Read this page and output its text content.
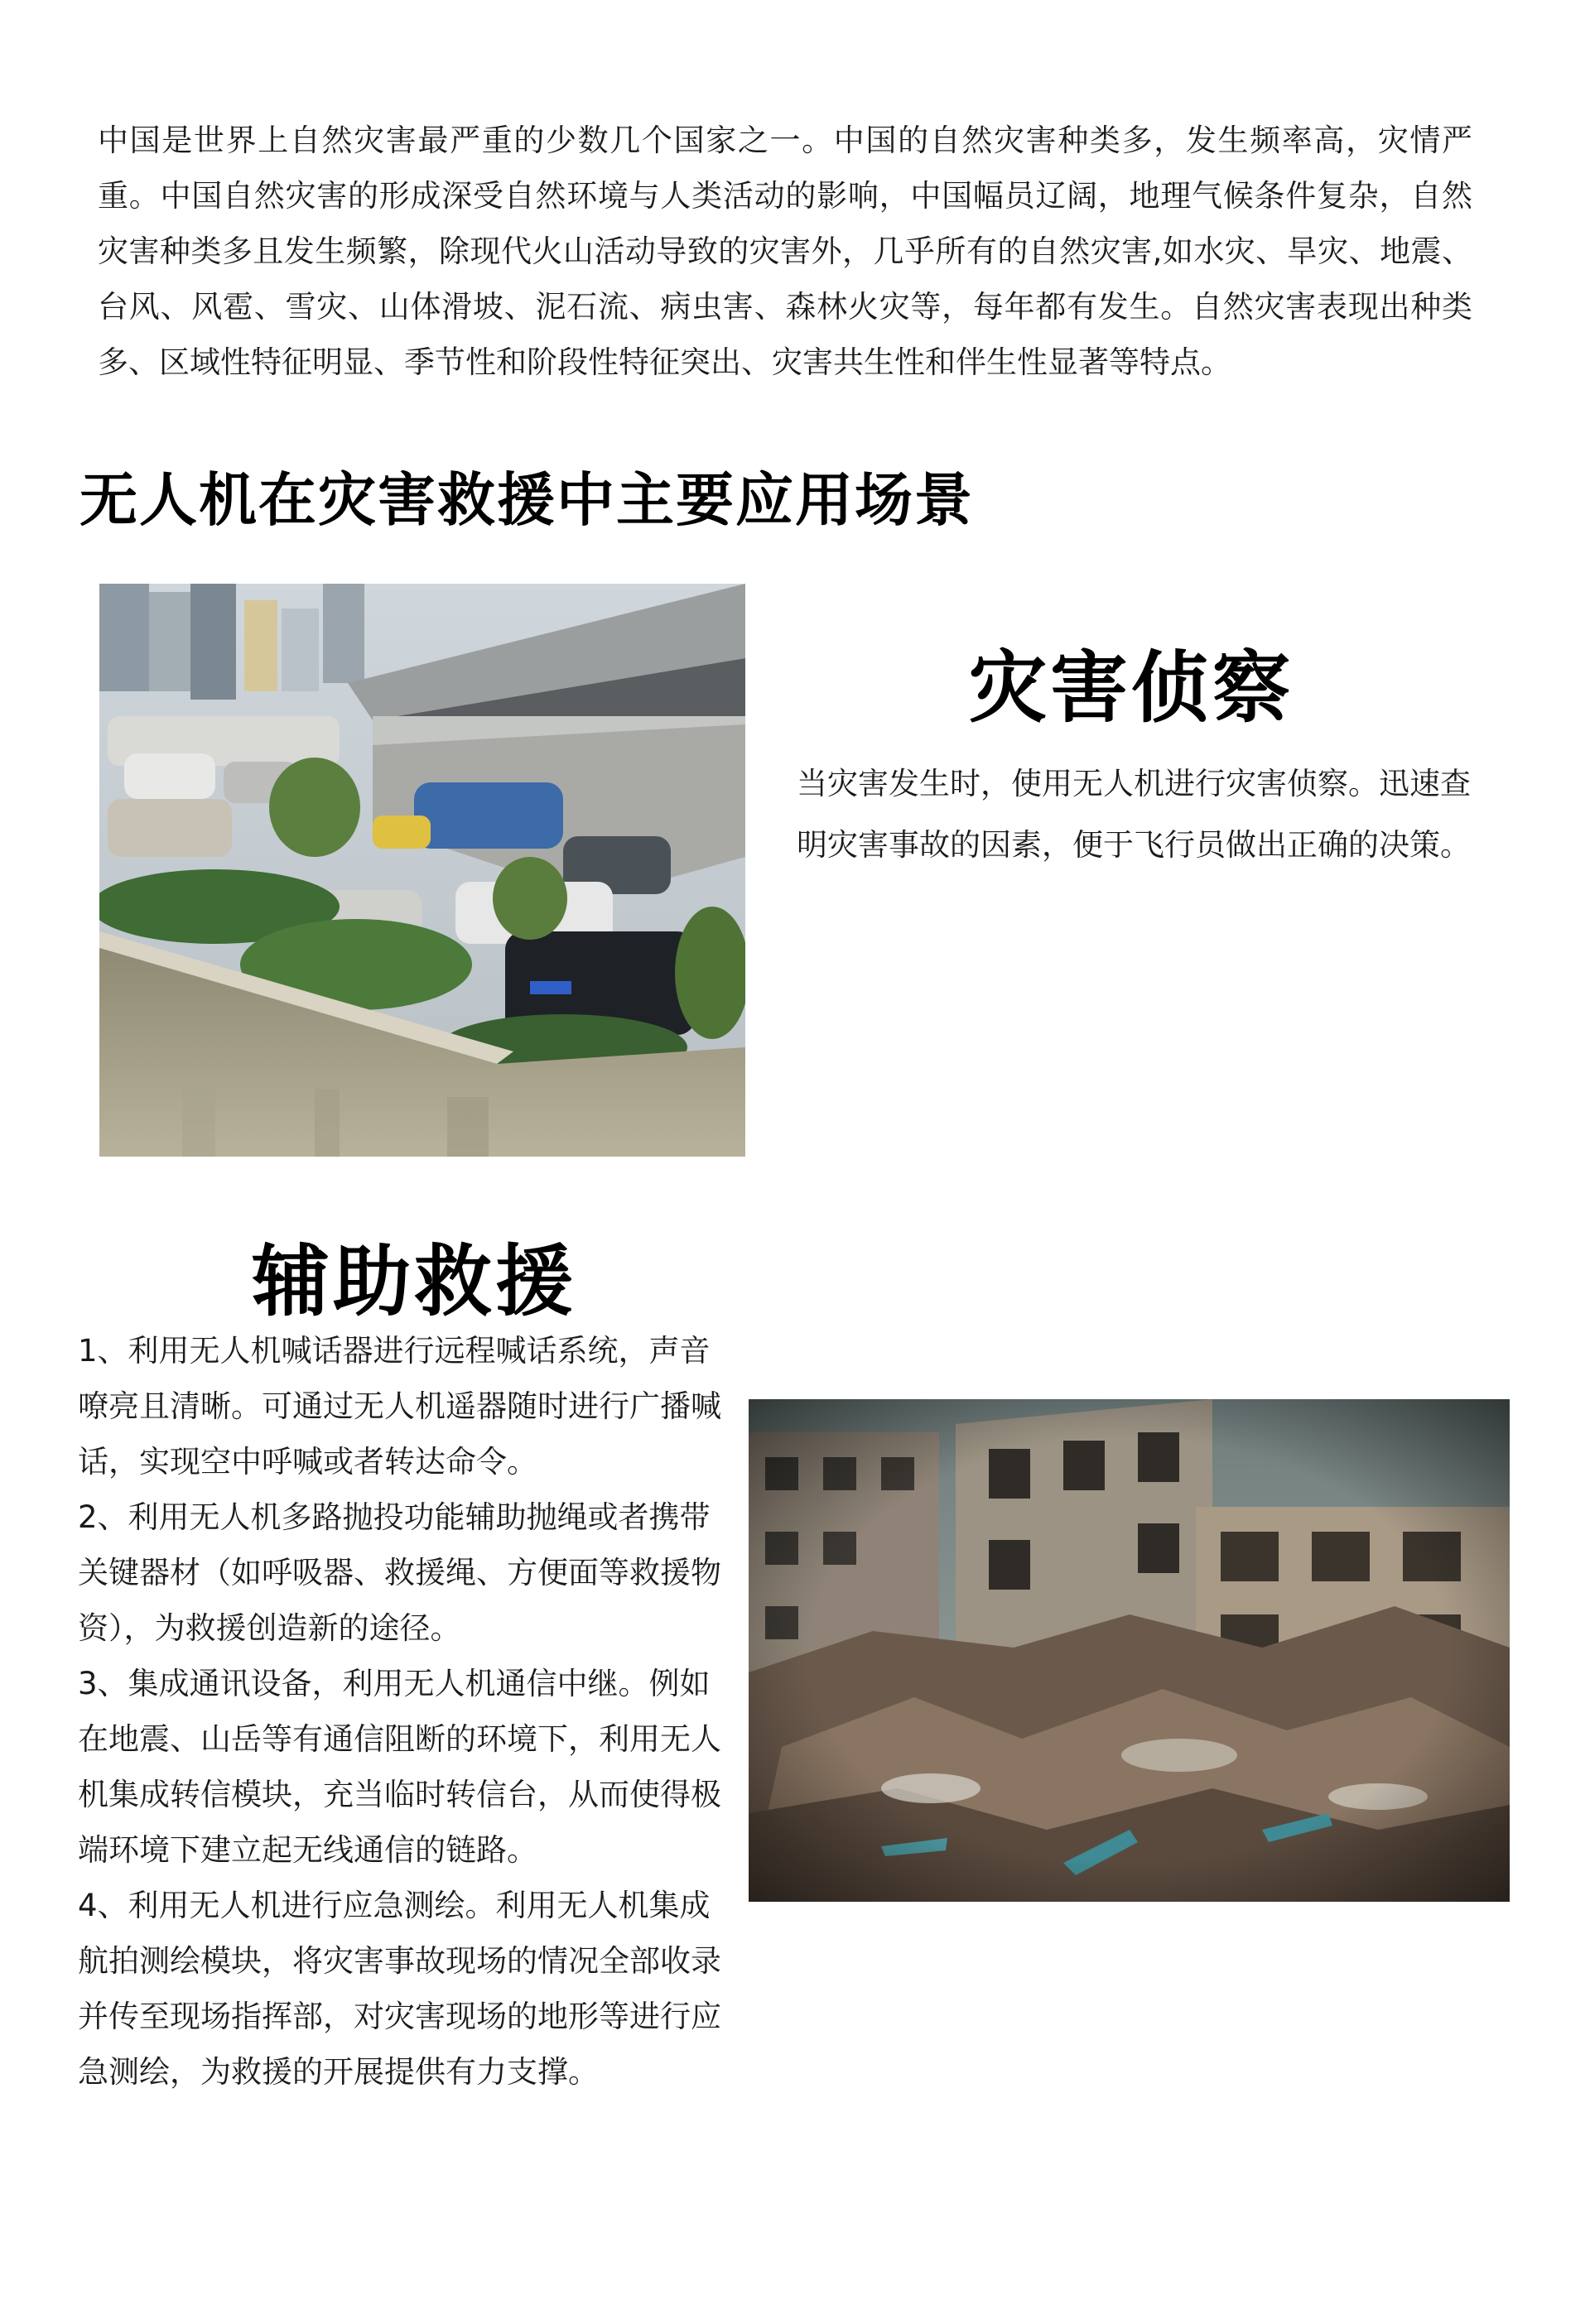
中国是世界上自然灾害最严重的少数几个国家之一。中国的自然灾害种类多，发生频率高，灾情严重。中国自然灾害的形成深受自然环境与人类活动的影响，中国幅员辽阔，地理气候条件复杂，自然灾害种类多且发生频繁，除现代火山活动导致的灾害外，几乎所有的自然灾害,如水灾、旱灾、地震、台风、风雹、雪灾、山体滑坡、泥石流、病虫害、森林火灾等，每年都有发生。自然灾害表现出种类多、区域性特征明显、季节性和阶段性特征突出、灾害共生性和伴生性显著等特点。

无人机在灾害救援中主要应用场景
灾害侦察

当灾害发生时，使用无人机进行灾害侦察。迅速查明灾害事故的因素，便于飞行员做出正确的决策。

辅助救援
1、利用无人机喊话器进行远程喊话系统，声音嘹亮且清晰。可通过无人机遥器随时进行广播喊话，实现空中呼喊或者转达命令。
2、利用无人机多路抛投功能辅助抛绳或者携带关键器材（如呼吸器、救援绳、方便面等救援物资），为救援创造新的途径。
3、集成通讯设备，利用无人机通信中继。例如在地震、山岳等有通信阻断的环境下，利用无人机集成转信模块，充当临时转信台，从而使得极端环境下建立起无线通信的链路。
4、利用无人机进行应急测绘。利用无人机集成航拍测绘模块，将灾害事故现场的情况全部收录并传至现场指挥部，对灾害现场的地形等进行应急测绘，为救援的开展提供有力支撑。
